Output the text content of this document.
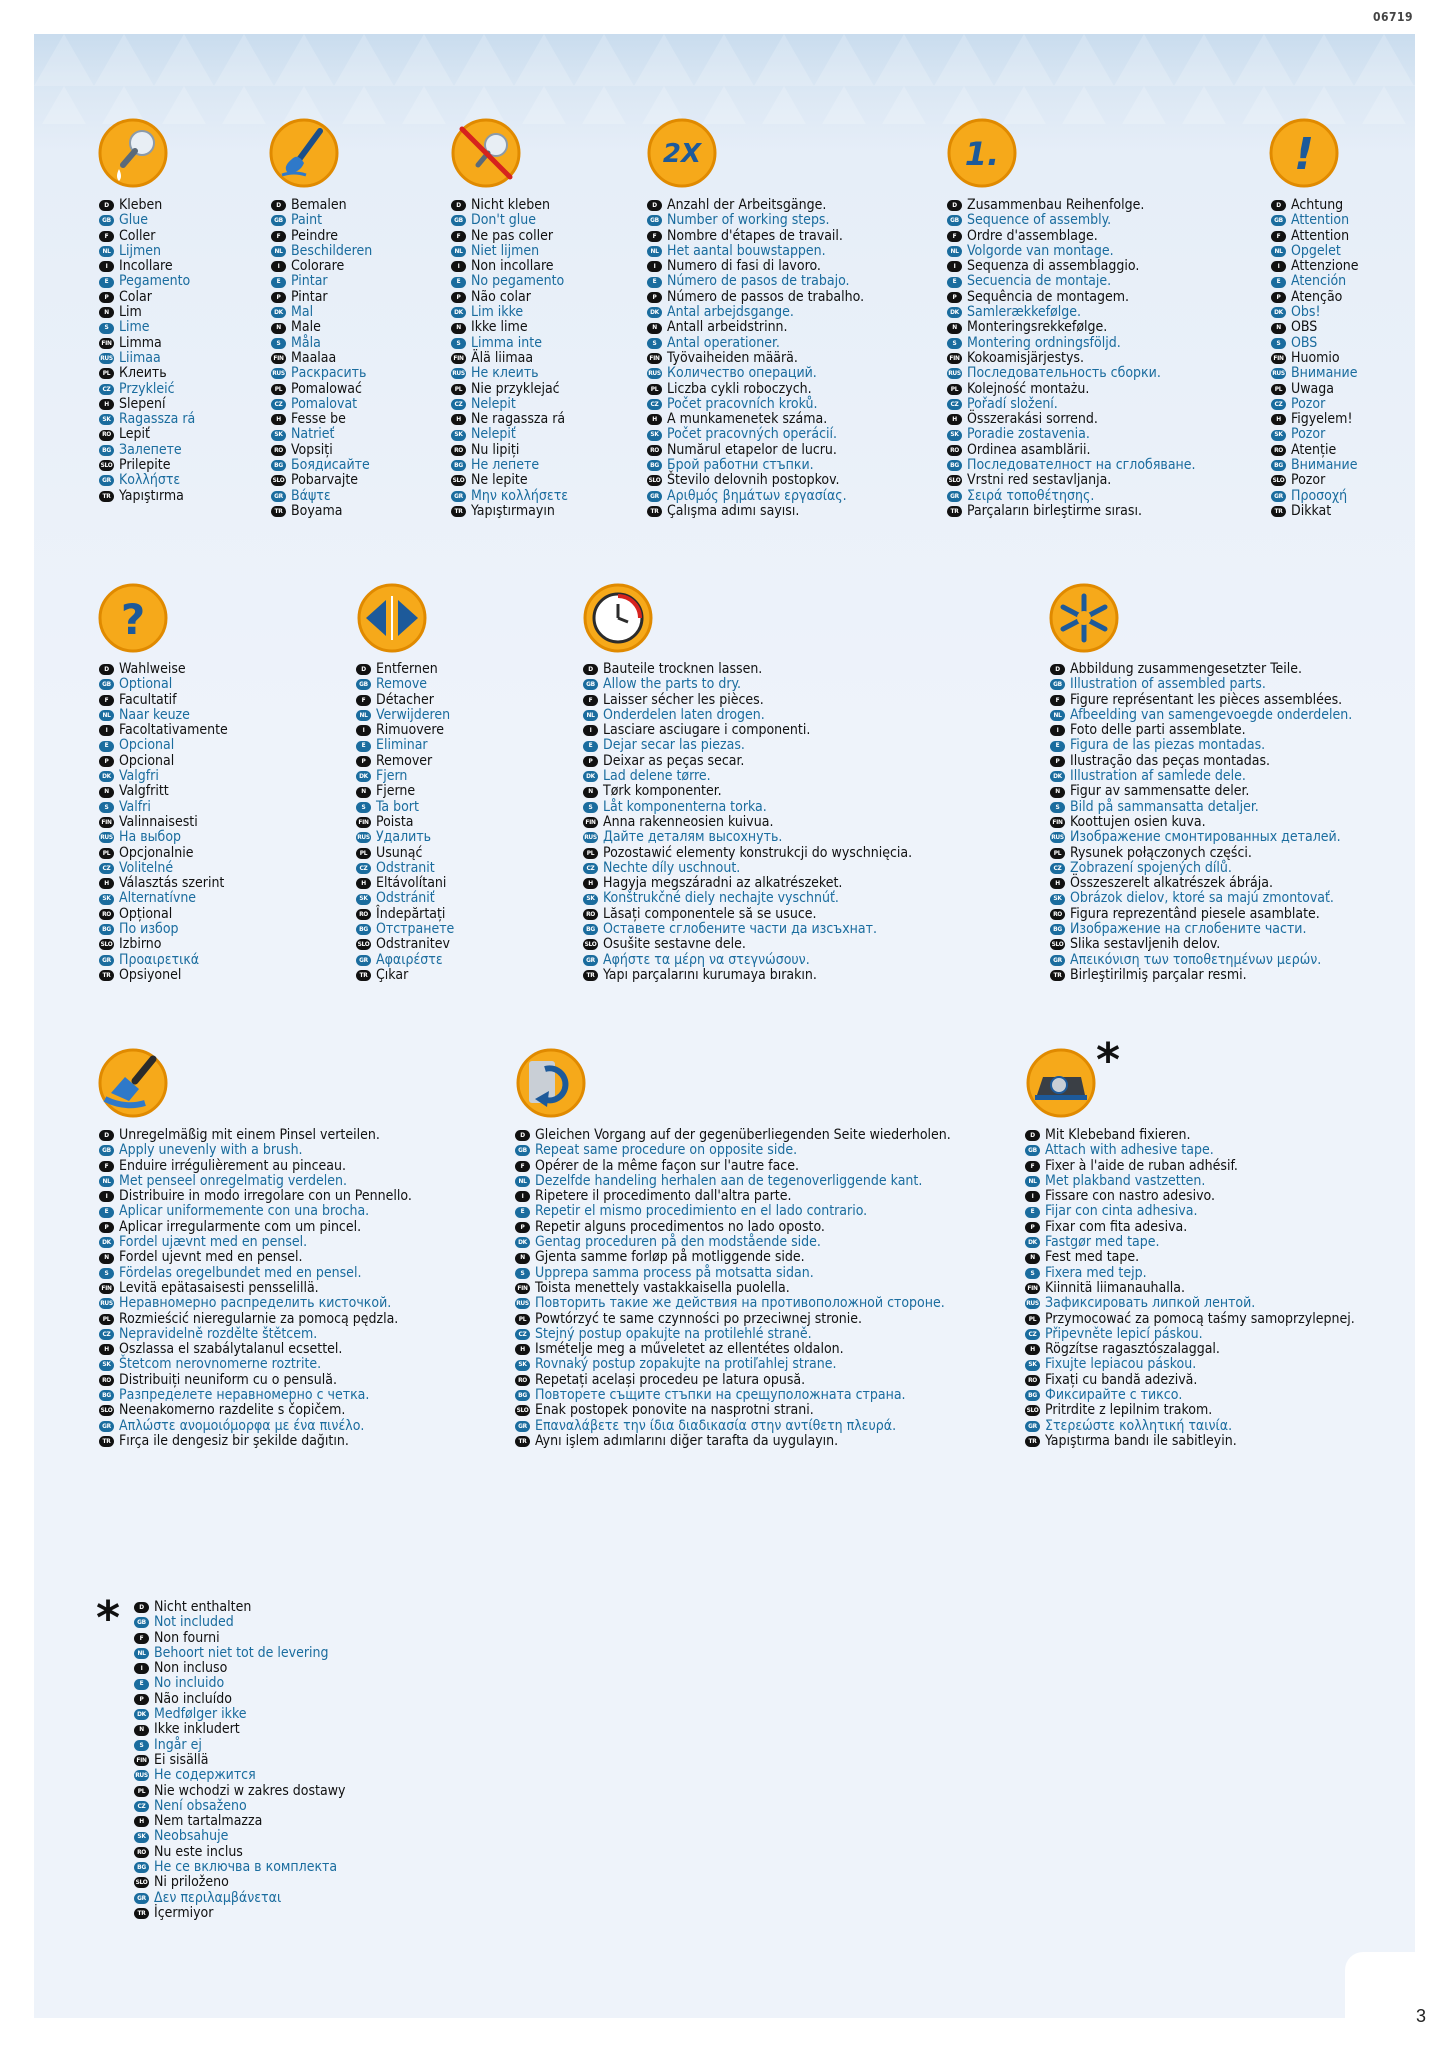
06719
3
2X	1.	!
?
*
*
D Kleben
GB Glue
F Coller
NL Lijmen
I Incollare
E Pegamento
P Colar
N Lim
S Lime
FIN Limma
RUS Liimaa
PL Клеить
CZ Przykleić
H Slepení
SK Ragassza rá
RO Lepiť
BG Залепете
SLO Prilepite
GR Κολλήστε
TR Yapıştırma
D Bemalen
GB Paint
F Peindre
NL Beschilderen
I Colorare
E Pintar
P Pintar
DK Mal
N Male
S Måla
FIN Maalaa
RUS Раскрасить
PL Pomalować
CZ Pomalovat
H Fesse be
SK Natrieť
RO Vopsiți
BG Боядисайте
SLO Pobarvajte
GR Βάψτε
TR Boyama
D Nicht kleben
GB Don't glue
F Ne pas coller
NL Niet lijmen
I Non incollare
E No pegamento
P Não colar
DK Lim ikke
N Ikke lime
S Limma inte
FIN Älä liimaa
RUS Не клеить
PL Nie przyklejać
CZ Nelepit
H Ne ragassza rá
SK Nelepiť
RO Nu lipiți
BG Не лепете
SLO Ne lepite
GR Μην κολλήσετε
TR Yapıştırmayın
D Anzahl der Arbeitsgänge.
GB Number of working steps.
F Nombre d'étapes de travail.
NL Het aantal bouwstappen.
I Numero di fasi di lavoro.
E Número de pasos de trabajo.
P Número de passos de trabalho.
DK Antal arbejdsgange.
N Antall arbeidstrinn.
S Antal operationer.
FIN Työvaiheiden määrä.
RUS Количество операций.
PL Liczba cykli roboczych.
CZ Počet pracovních kroků.
H A munkamenetek száma.
SK Počet pracovných operácií.
RO Numărul etapelor de lucru.
BG Брой работни стъпки.
SLO Število delovnih postopkov.
GR Αριθμός βημάτων εργασίας.
TR Çalışma adımı sayısı.
D Zusammenbau Reihenfolge.
GB Sequence of assembly.
F Ordre d'assemblage.
NL Volgorde van montage.
I Sequenza di assemblaggio.
E Secuencia de montaje.
P Sequência de montagem.
DK Samlerækkefølge.
N Monteringsrekkefølge.
S Montering ordningsföljd.
FIN Kokoamisjärjestys.
RUS Последовательность сборки.
PL Kolejność montażu.
CZ Pořadí složení.
H Összerakási sorrend.
SK Poradie zostavenia.
RO Ordinea asamblării.
BG Последователност на сглобяване.
SLO Vrstni red sestavljanja.
GR Σειρά τοποθέτησης.
TR Parçaların birleştirme sırası.
D Achtung
GB Attention
F Attention
NL Opgelet
I Attenzione
E Atención
P Atenção
DK Obs!
N OBS
S OBS
FIN Huomio
RUS Внимание
PL Uwaga
CZ Pozor
H Figyelem!
SK Pozor
RO Atenție
BG Внимание
SLO Pozor
GR Προσοχή
TR Dikkat
D Wahlweise
GB Optional
F Facultatif
NL Naar keuze
I Facoltativamente
E Opcional
P Opcional
DK Valgfri
N Valgfritt
S Valfri
FIN Valinnaisesti
RUS На выбор
PL Opcjonalnie
CZ Volitelné
H Választás szerint
SK Alternatívne
RO Opțional
BG По избор
SLO Izbirno
GR Προαιρετικά
TR Opsiyonel
D Entfernen
GB Remove
F Détacher
NL Verwijderen
I Rimuovere
E Eliminar
P Remover
DK Fjern
N Fjerne
S Ta bort
FIN Poista
RUS Удалить
PL Usunąć
CZ Odstranit
H Eltávolítani
SK Odstrániť
RO Îndepărtați
BG Отстранете
SLO Odstranitev
GR Αφαιρέστε
TR Çıkar
D Bauteile trocknen lassen.
GB Allow the parts to dry.
F Laisser sécher les pièces.
NL Onderdelen laten drogen.
I Lasciare asciugare i componenti.
E Dejar secar las piezas.
P Deixar as peças secar.
DK Lad delene tørre.
N Tørk komponenter.
S Låt komponenterna torka.
FIN Anna rakenneosien kuivua.
RUS Дайте деталям высохнуть.
PL Pozostawić elementy konstrukcji do wyschnięcia.
CZ Nechte díly uschnout.
H Hagyja megszáradni az alkatrészeket.
SK Konštrukčné diely nechajte vyschnúť.
RO Lăsați componentele să se usuce.
BG Оставете сглобените части да изсъхнат.
SLO Osušite sestavne dele.
GR Αφήστε τα μέρη να στεγνώσουν.
TR Yapı parçalarını kurumaya bırakın.
D Abbildung zusammengesetzter Teile.
GB Illustration of assembled parts.
F Figure représentant les pièces assemblées.
NL Afbeelding van samengevoegde onderdelen.
I Foto delle parti assemblate.
E Figura de las piezas montadas.
P Ilustração das peças montadas.
DK Illustration af samlede dele.
N Figur av sammensatte deler.
S Bild på sammansatta detaljer.
FIN Koottujen osien kuva.
RUS Изображение смонтированных деталей.
PL Rysunek połączonych części.
CZ Zobrazení spojených dílů.
H Összeszerelt alkatrészek ábrája.
SK Obrázok dielov, ktoré sa majú zmontovať.
RO Figura reprezentând piesele asamblate.
BG Изображение на сглобените части.
SLO Slika sestavljenih delov.
GR Απεικόνιση των τοποθετημένων μερών.
TR Birleştirilmiş parçalar resmi.
D Unregelmäßig mit einem Pinsel verteilen.
GB Apply unevenly with a brush.
F Enduire irrégulièrement au pinceau.
NL Met penseel onregelmatig verdelen.
I Distribuire in modo irregolare con un Pennello.
E Aplicar uniformemente con una brocha.
P Aplicar irregularmente com um pincel.
DK Fordel ujævnt med en pensel.
N Fordel ujevnt med en pensel.
S Fördelas oregelbundet med en pensel.
FIN Levitä epätasaisesti pensselillä.
RUS Неравномерно распределить кисточкой.
PL Rozmieścić nieregularnie za pomocą pędzla.
CZ Nepravidelně rozdělte štětcem.
H Oszlassa el szabálytalanul ecsettel.
SK Štetcom nerovnomerne roztrite.
RO Distribuiți neuniform cu o pensulă.
BG Разпределете неравномерно с четка.
SLO Neenakomerno razdelite s čopičem.
GR Απλώστε ανομοιόμορφα με ένα πινέλο.
TR Fırça ile dengesiz bir şekilde dağıtın.
D Gleichen Vorgang auf der gegenüberliegenden Seite wiederholen.
GB Repeat same procedure on opposite side.
F Opérer de la même façon sur l'autre face.
NL Dezelfde handeling herhalen aan de tegenoverliggende kant.
I Ripetere il procedimento dall'altra parte.
E Repetir el mismo procedimiento en el lado contrario.
P Repetir alguns procedimentos no lado oposto.
DK Gentag proceduren på den modstående side.
N Gjenta samme forløp på motliggende side.
S Upprepa samma process på motsatta sidan.
FIN Toista menettely vastakkaisella puolella.
RUS Повторить такие же действия на противоположной стороне.
PL Powtórzyć te same czynności po przeciwnej stronie.
CZ Stejný postup opakujte na protilehlé straně.
H Ismételje meg a műveletet az ellentétes oldalon.
SK Rovnaký postup zopakujte na protiľahlej strane.
RO Repetați același procedeu pe latura opusă.
BG Повторете същите стъпки на срещуположната страна.
SLO Enak postopek ponovite na nasprotni strani.
GR Επαναλάβετε την ίδια διαδικασία στην αντίθετη πλευρά.
TR Aynı işlem adımlarını diğer tarafta da uygulayın.
D Mit Klebeband fixieren.
GB Attach with adhesive tape.
F Fixer à l'aide de ruban adhésif.
NL Met plakband vastzetten.
I Fissare con nastro adesivo.
E Fijar con cinta adhesiva.
P Fixar com fita adesiva.
DK Fastgør med tape.
N Fest med tape.
S Fixera med tejp.
FIN Kiinnitä liimanauhalla.
RUS Зафиксировать липкой лентой.
PL Przymocować za pomocą taśmy samoprzylepnej.
CZ Připevněte lepicí páskou.
H Rögzítse ragasztószalaggal.
SK Fixujte lepiacou páskou.
RO Fixați cu bandă adezivă.
BG Фиксирайте с тиксо.
SLO Pritrdite z lepilnim trakom.
GR Στερεώστε κολλητική ταινία.
TR Yapıştırma bandı ile sabitleyin.
D Nicht enthalten
GB Not included
F Non fourni
NL Behoort niet tot de levering
I Non incluso
E No incluido
P Não incluído
DK Medfølger ikke
N Ikke inkludert
S Ingår ej
FIN Ei sisällä
RUS Не содержится
PL Nie wchodzi w zakres dostawy
CZ Není obsaženo
H Nem tartalmazza
SK Neobsahuje
RO Nu este inclus
BG Не се включва в комплекта
SLO Ni priloženo
GR Δεν περιλαμβάνεται
TR İçermiyor
